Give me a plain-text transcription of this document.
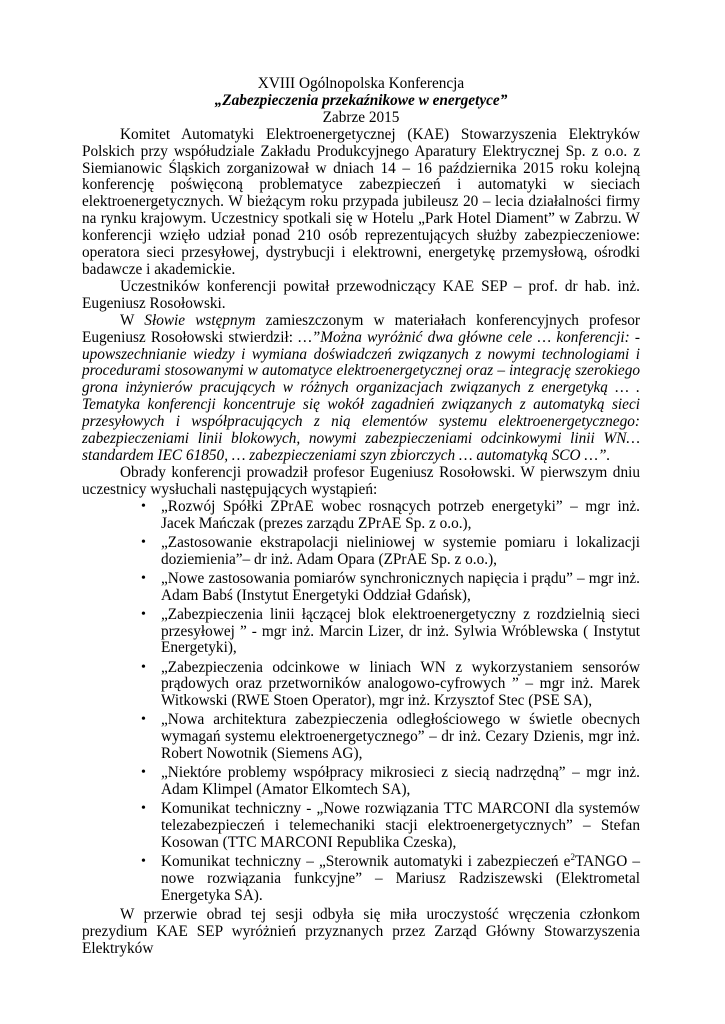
XVIII Ogólnopolska Konferencja
„Zabezpieczenia przekaźnikowe w energetyce”
Zabrze 2015

Komitet Automatyki Elektroenergetycznej (KAE) Stowarzyszenia Elektryków Polskich przy współudziale Zakładu Produkcyjnego Aparatury Elektrycznej Sp. z o.o. z Siemianowic Śląskich zorganizował w dniach 14 – 16 października 2015 roku kolejną konferencję poświęconą problematyce zabezpieczeń i automatyki w sieciach elektroenergetycznych. W bieżącym roku przypada jubileusz 20 – lecia działalności firmy na rynku krajowym. Uczestnicy spotkali się w Hotelu „Park Hotel Diament” w Zabrzu. W konferencji wzięło udział ponad 210 osób reprezentujących służby zabezpieczeniowe: operatora sieci przesyłowej, dystrybucji i elektrowni, energetykę przemysłową, ośrodki badawcze i akademickie.

Uczestników konferencji powitał przewodniczący KAE SEP – prof. dr hab. inż. Eugeniusz Rosołowski.

W Słowie wstępnym zamieszczonym w materiałach konferencyjnych profesor Eugeniusz Rosołowski stwierdził: …”Można wyróżnić dwa główne cele … konferencji: - upowszechnianie wiedzy i wymiana doświadczeń związanych z nowymi technologiami i procedurami stosowanymi w automatyce elektroenergetycznej oraz – integrację szerokiego grona inżynierów pracujących w różnych organizacjach związanych z energetyką … . Tematyka konferencji koncentruje się wokół zagadnień związanych z automatyką sieci przesyłowych i współpracujących z nią elementów systemu elektroenergetycznego: zabezpieczeniami linii blokowych, nowymi zabezpieczeniami odcinkowymi linii WN… standardem IEC 61850, … zabezpieczeniami szyn zbiorczych … automatyką SCO …”.

Obrady konferencji prowadził profesor Eugeniusz Rosołowski. W pierwszym dniu uczestnicy wysłuchali następujących wystąpień:

• „Rozwój Spółki ZPrAE wobec rosnących potrzeb energetyki” – mgr inż. Jacek Mańczak (prezes zarządu ZPrAE Sp. z o.o.),
• „Zastosowanie ekstrapolacji nieliniowej w systemie pomiaru i lokalizacji doziemienia”– dr inż. Adam Opara (ZPrAE Sp. z o.o.),
• „Nowe zastosowania pomiarów synchronicznych napięcia i prądu” – mgr inż. Adam Babś (Instytut Energetyki Oddział Gdańsk),
• „Zabezpieczenia linii łączącej blok elektroenergetyczny z rozdzielnią sieci przesyłowej ” - mgr inż. Marcin Lizer, dr inż. Sylwia Wróblewska ( Instytut Energetyki),
• „Zabezpieczenia odcinkowe w liniach WN z wykorzystaniem sensorów prądowych oraz przetworników analogowo-cyfrowych ” – mgr inż. Marek Witkowski (RWE Stoen Operator), mgr inż. Krzysztof Stec (PSE SA),
• „Nowa architektura zabezpieczenia odległościowego w świetle obecnych wymagań systemu elektroenergetycznego” – dr inż. Cezary Dzienis, mgr inż. Robert Nowotnik (Siemens AG),
• „Niektóre problemy współpracy mikrosieci z siecią nadrzędną” – mgr inż. Adam Klimpel (Amator Elkomtech SA),
• Komunikat techniczny - „Nowe rozwiązania TTC MARCONI dla systemów telezabezpieczeń i telemechaniki stacji elektroenergetycznych” – Stefan Kosowan (TTC MARCONI Republika Czeska),
• Komunikat techniczny – „Sterownik automatyki i zabezpieczeń $e^2TANGO$ – nowe rozwiązania funkcyjne” – Mariusz Radziszewski (Elektrometal Energetyka SA).

W przerwie obrad tej sesji odbyła się miła uroczystość wręczenia członkom prezydium KAE SEP wyróżnień przyznanych przez Zarząd Główny Stowarzyszenia Elektryków
